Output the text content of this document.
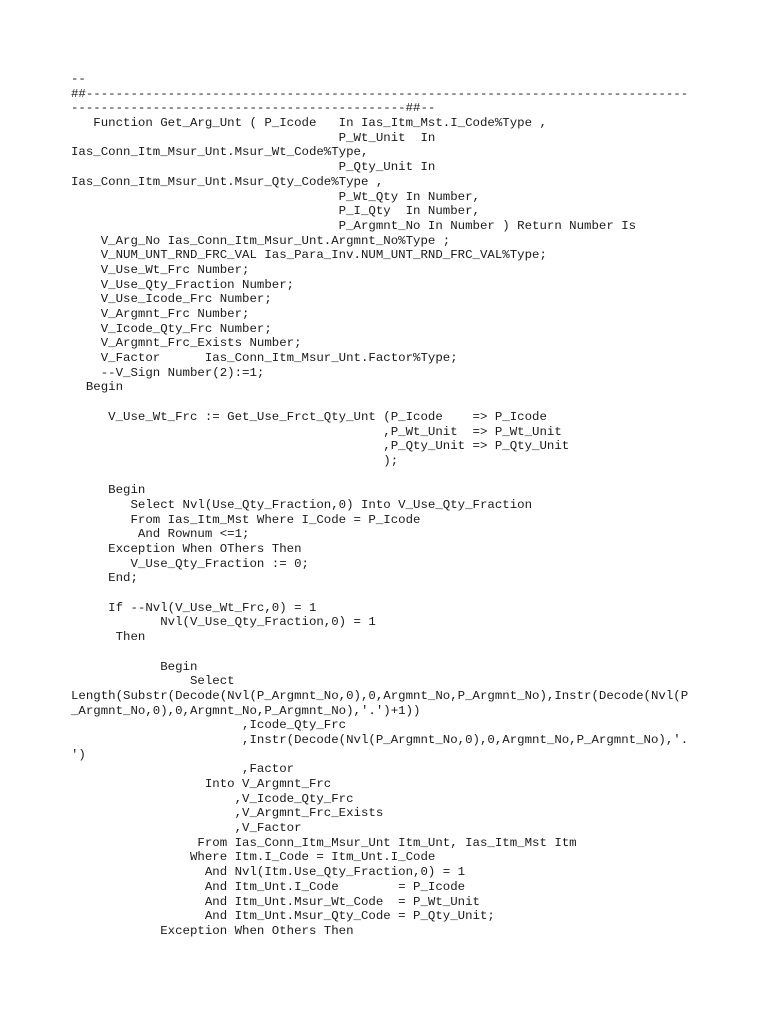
--
##---------------------------------------------------------------------------------
---------------------------------------------##--
Function Get_Arg_Unt ( P_Icode   In Ias_Itm_Mst.I_Code%Type ,
P_Wt_Unit  In
Ias_Conn_Itm_Msur_Unt.Msur_Wt_Code%Type,
P_Qty_Unit In
Ias_Conn_Itm_Msur_Unt.Msur_Qty_Code%Type ,
P_Wt_Qty In Number,
P_I_Qty  In Number,
P_Argmnt_No In Number ) Return Number Is
V_Arg_No Ias_Conn_Itm_Msur_Unt.Argmnt_No%Type ;
V_NUM_UNT_RND_FRC_VAL Ias_Para_Inv.NUM_UNT_RND_FRC_VAL%Type;
V_Use_Wt_Frc Number;
V_Use_Qty_Fraction Number;
V_Use_Icode_Frc Number;
V_Argmnt_Frc Number;
V_Icode_Qty_Frc Number;
V_Argmnt_Frc_Exists Number;
V_Factor      Ias_Conn_Itm_Msur_Unt.Factor%Type;
--V_Sign Number(2):=1;
Begin
V_Use_Wt_Frc := Get_Use_Frct_Qty_Unt (P_Icode    => P_Icode
,P_Wt_Unit  => P_Wt_Unit
,P_Qty_Unit => P_Qty_Unit
);
Begin
Select Nvl(Use_Qty_Fraction,0) Into V_Use_Qty_Fraction
From Ias_Itm_Mst Where I_Code = P_Icode
And Rownum <=1;
Exception When OThers Then
V_Use_Qty_Fraction := 0;
End;
If --Nvl(V_Use_Wt_Frc,0) = 1
Nvl(V_Use_Qty_Fraction,0) = 1
Then
Begin
Select
Length(Substr(Decode(Nvl(P_Argmnt_No,0),0,Argmnt_No,P_Argmnt_No),Instr(Decode(Nvl(P
_Argmnt_No,0),0,Argmnt_No,P_Argmnt_No),'.')+1))
,Icode_Qty_Frc
,Instr(Decode(Nvl(P_Argmnt_No,0),0,Argmnt_No,P_Argmnt_No),'.
')
,Factor
Into V_Argmnt_Frc
,V_Icode_Qty_Frc
,V_Argmnt_Frc_Exists
,V_Factor
From Ias_Conn_Itm_Msur_Unt Itm_Unt, Ias_Itm_Mst Itm
Where Itm.I_Code = Itm_Unt.I_Code
And Nvl(Itm.Use_Qty_Fraction,0) = 1
And Itm_Unt.I_Code        = P_Icode
And Itm_Unt.Msur_Wt_Code  = P_Wt_Unit
And Itm_Unt.Msur_Qty_Code = P_Qty_Unit;
Exception When Others Then
